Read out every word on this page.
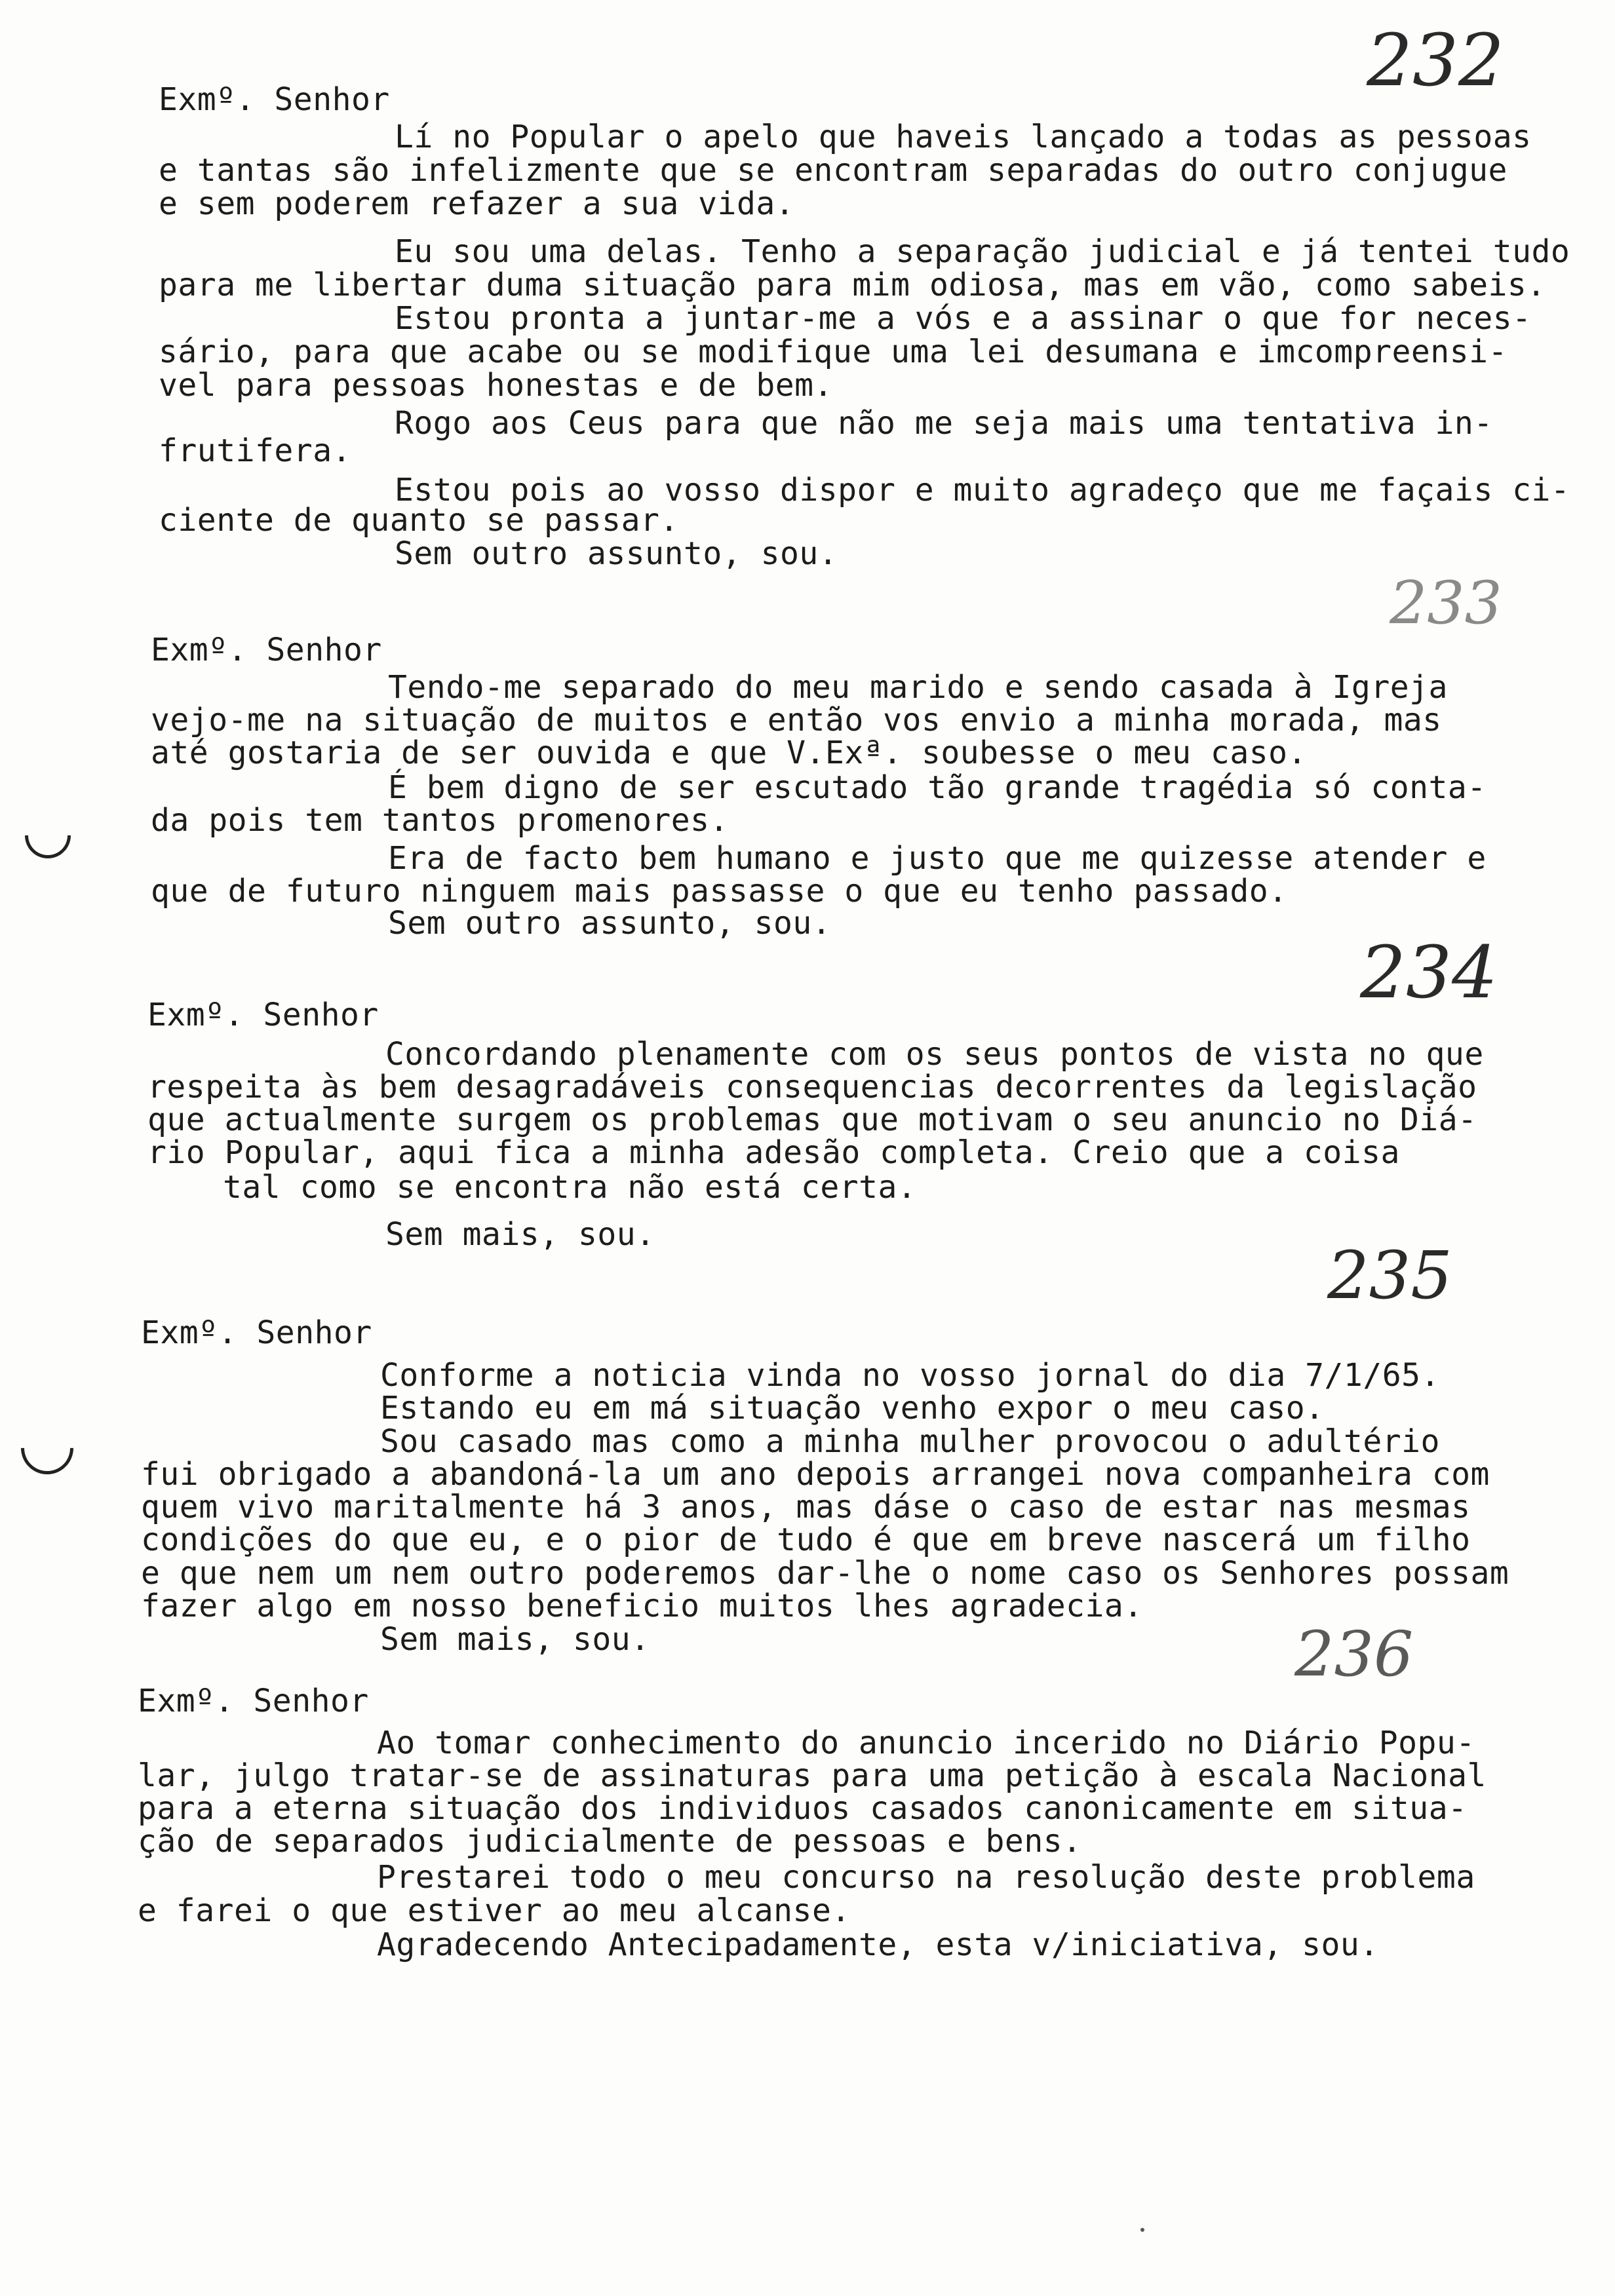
232
Exmº. Senhor
Lí no Popular o apelo que haveis lançado a todas as pessoas
e tantas são infelizmente que se encontram separadas do outro conjugue
e sem poderem refazer a sua vida.
Eu sou uma delas. Tenho a separação judicial e já tentei tudo
para me libertar duma situação para mim odiosa, mas em vão, como sabeis.
Estou pronta a juntar-me a vós e a assinar o que for neces-
sário, para que acabe ou se modifique uma lei desumana e imcompreensi-
vel para pessoas honestas e de bem.
Rogo aos Ceus para que não me seja mais uma tentativa in-
frutifera.
Estou pois ao vosso dispor e muito agradeço que me façais ci-
ciente de quanto se passar.
Sem outro assunto, sou.
233
Exmº. Senhor
Tendo-me separado do meu marido e sendo casada à Igreja
vejo-me na situação de muitos e então vos envio a minha morada, mas
até gostaria de ser ouvida e que V.Exª. soubesse o meu caso.
É bem digno de ser escutado tão grande tragédia só conta-
da pois tem tantos promenores.
Era de facto bem humano e justo que me quizesse atender e
que de futuro ninguem mais passasse o que eu tenho passado.
Sem outro assunto, sou.
234
Exmº. Senhor
Concordando plenamente com os seus pontos de vista no que
respeita às bem desagradáveis consequencias decorrentes da legislação
que actualmente surgem os problemas que motivam o seu anuncio no Diá-
rio Popular, aqui fica a minha adesão completa. Creio que a coisa
tal como se encontra não está certa.
Sem mais, sou.
235
Exmº. Senhor
Conforme a noticia vinda no vosso jornal do dia 7/1/65.
Estando eu em má situação venho expor o meu caso.
Sou casado mas como a minha mulher provocou o adultério
fui obrigado a abandoná-la um ano depois arrangei nova companheira com
quem vivo maritalmente há 3 anos, mas dáse o caso de estar nas mesmas
condições do que eu, e o pior de tudo é que em breve nascerá um filho
e que nem um nem outro poderemos dar-lhe o nome caso os Senhores possam
fazer algo em nosso beneficio muitos lhes agradecia.
Sem mais, sou.	236
Exmº. Senhor
Ao tomar conhecimento do anuncio incerido no Diário Popu-
lar, julgo tratar-se de assinaturas para uma petição à escala Nacional
para a eterna situação dos individuos casados canonicamente em situa-
ção de separados judicialmente de pessoas e bens.
Prestarei todo o meu concurso na resolução deste problema
e farei o que estiver ao meu alcanse.
Agradecendo Antecipadamente, esta v/iniciativa, sou.
